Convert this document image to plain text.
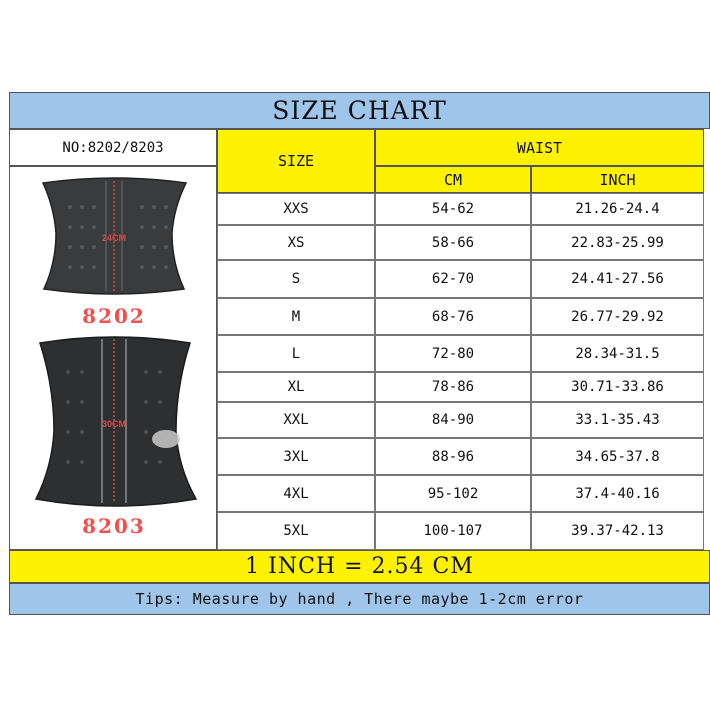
SIZE CHART
NO:8202/8203
SIZE
WAIST
CM	INCH
24CM
8202
30CM
8203
XXS	54-62	21.26-24.4
XS	58-66	22.83-25.99
S	62-70	24.41-27.56
M	68-76	26.77-29.92
L	72-80	28.34-31.5
XL	78-86	30.71-33.86
XXL	84-90	33.1-35.43
3XL	88-96	34.65-37.8
4XL	95-102	37.4-40.16
5XL	100-107	39.37-42.13
1 INCH = 2.54 CM
Tips: Measure by hand , There maybe 1-2cm error
